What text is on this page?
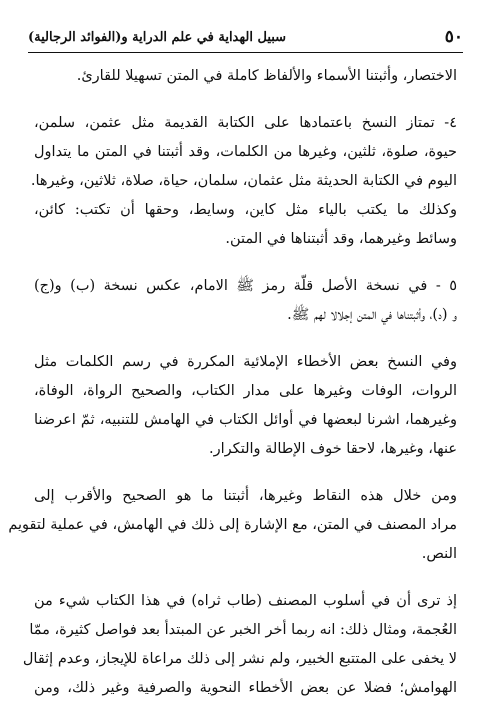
٥٠
سبيل الهداية في علم الدراية و(الفوائد الرجالية)
الاختصار، وأثبتنا الأسماء والألفاظ كاملة في المتن تسهيلا للقارئ.
٤- تمتاز النسخ باعتمادها على الكتابة القديمة مثل عثمن، سلمن،
حيوة، صلوة، ثلثين، وغيرها من الكلمات، وقد أثبتنا في المتن ما يتداول
اليوم في الكتابة الحديثة مثل عثمان، سلمان، حياة، صلاة، ثلاثين، وغيرها.
وكذلك ما يكتب بالياء مثل كاين، وسايط، وحقها أن تكتب: كائن،
وسائط وغيرهما، وقد أثبتناها في المتن.
٥ - في نسخة الأصل قلّة رمز ﷺ الامام، عكس نسخة (ب) و(ج)
و (د)، وأثبتناها في المتن إجلالا لهم ﷺ.
وفي النسخ بعض الأخطاء الإملائية المكررة في رسم الكلمات مثل
الروات، الوفات وغيرها على مدار الكتاب، والصحيح الرواة، الوفاة،
وغيرهما، اشرنا لبعضها في أوائل الكتاب في الهامش للتنبيه، ثمّ اعرضنا
عنها، وغيرها، لاحقا خوف الإطالة والتكرار.
ومن خلال هذه النقاط وغيرها، أثبتنا ما هو الصحيح والأقرب إلى
مراد المصنف في المتن، مع الإشارة إلى ذلك في الهامش، في عملية لتقويم
النص.
إذ ترى أن في أسلوب المصنف (طاب ثراه) في هذا الكتاب شيء من
العُجمة، ومثال ذلك: انه ربما أخر الخبر عن المبتدأ بعد فواصل كثيرة، ممّا
لا يخفى على المتتبع الخبير، ولم نشر إلى ذلك مراعاة للإيجاز، وعدم إثقال
الهوامش؛ فضلا عن بعض الأخطاء النحوية والصرفية وغير ذلك، ومن
